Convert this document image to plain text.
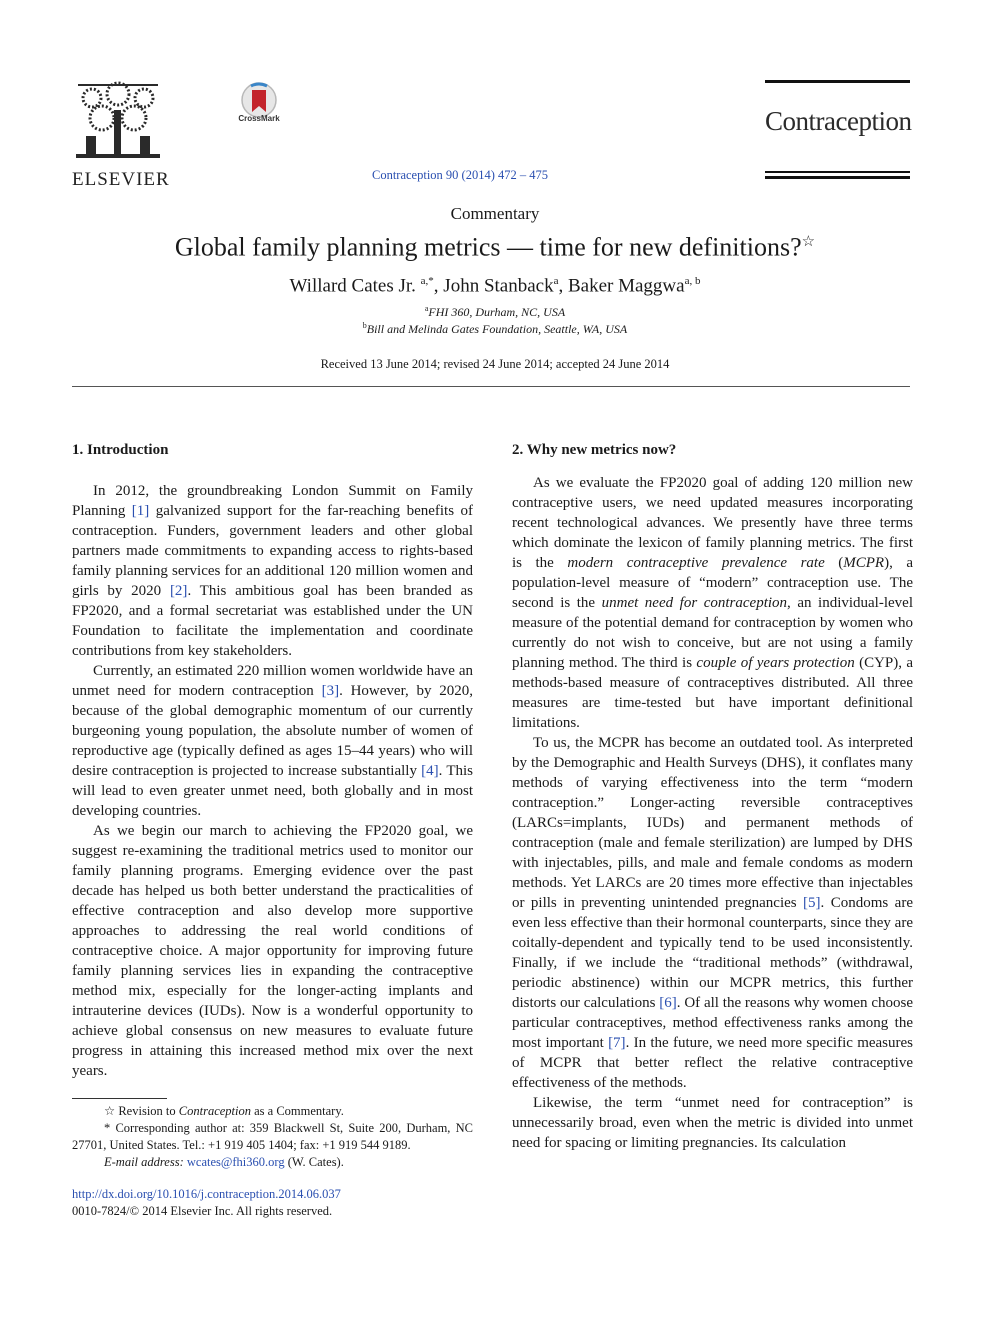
ELSEVIER
CrossMark	Contraception
Contraception 90 (2014) 472 – 475
Commentary
Global family planning metrics — time for new definitions?☆
Willard Cates Jr. $^{a,*}$, John Stanback$^a$, Baker Maggwa$^{a, b}$
$^a$FHI 360, Durham, NC, USA
$^b$Bill and Melinda Gates Foundation, Seattle, WA, USA
Received 13 June 2014; revised 24 June 2014; accepted 24 June 2014
1. Introduction

In 2012, the groundbreaking London Summit on Family Planning [1] galvanized support for the far-reaching benefits of contraception. Funders, government leaders and other global partners made commitments to expanding access to rights-based family planning services for an additional 120 million women and girls by 2020 [2]. This ambitious goal has been branded as FP2020, and a formal secretariat was established under the UN Foundation to facilitate the implementation and coordinate contributions from key stakeholders.

Currently, an estimated 220 million women worldwide have an unmet need for modern contraception [3]. However, by 2020, because of the global demographic momentum of our currently burgeoning young population, the absolute number of women of reproductive age (typically defined as ages 15–44 years) who will desire contraception is projected to increase substantially [4]. This will lead to even greater unmet need, both globally and in most developing countries.

As we begin our march to achieving the FP2020 goal, we suggest re-examining the traditional metrics used to monitor our family planning programs. Emerging evidence over the past decade has helped us both better understand the practicalities of effective contraception and also develop more supportive approaches to addressing the real world conditions of contraceptive choice. A major opportunity for improving future family planning services lies in expanding the contraceptive method mix, especially for the longer-acting implants and intrauterine devices (IUDs). Now is a wonderful opportunity to achieve global consensus on new measures to evaluate future progress in attaining this increased method mix over the next years.

2. Why new metrics now?

As we evaluate the FP2020 goal of adding 120 million new contraceptive users, we need updated measures incorporating recent technological advances. We presently have three terms which dominate the lexicon of family planning metrics. The first is the modern contraceptive prevalence rate (MCPR), a population-level measure of “modern” contraception use. The second is the unmet need for contraception, an individual-level measure of the potential demand for contraception by women who currently do not wish to conceive, but are not using a family planning method. The third is couple of years protection (CYP), a methods-based measure of contraceptives distributed. All three measures are time-tested but have important definitional limitations.

To us, the MCPR has become an outdated tool. As interpreted by the Demographic and Health Surveys (DHS), it conflates many methods of varying effectiveness into the term “modern contraception.” Longer-acting reversible contraceptives (LARCs=implants, IUDs) and permanent methods of contraception (male and female sterilization) are lumped by DHS with injectables, pills, and male and female condoms as modern methods. Yet LARCs are 20 times more effective than injectables or pills in preventing unintended pregnancies [5]. Condoms are even less effective than their hormonal counterparts, since they are coitally-dependent and typically tend to be used inconsistently. Finally, if we include the “traditional methods” (withdrawal, periodic abstinence) within our MCPR metrics, this further distorts our calculations [6]. Of all the reasons why women choose particular contraceptives, method effectiveness ranks among the most important [7]. In the future, we need more specific measures of MCPR that better reflect the relative contraceptive effectiveness of the methods.

Likewise, the term “unmet need for contraception” is unnecessarily broad, even when the metric is divided into unmet need for spacing or limiting pregnancies. Its calculation

☆ Revision to Contraception as a Commentary.

* Corresponding author at: 359 Blackwell St, Suite 200, Durham, NC 27701, United States. Tel.: +1 919 405 1404; fax: +1 919 544 9189.

E-mail address: wcates@fhi360.org (W. Cates).

http://dx.doi.org/10.1016/j.contraception.2014.06.037

0010-7824/© 2014 Elsevier Inc. All rights reserved.
